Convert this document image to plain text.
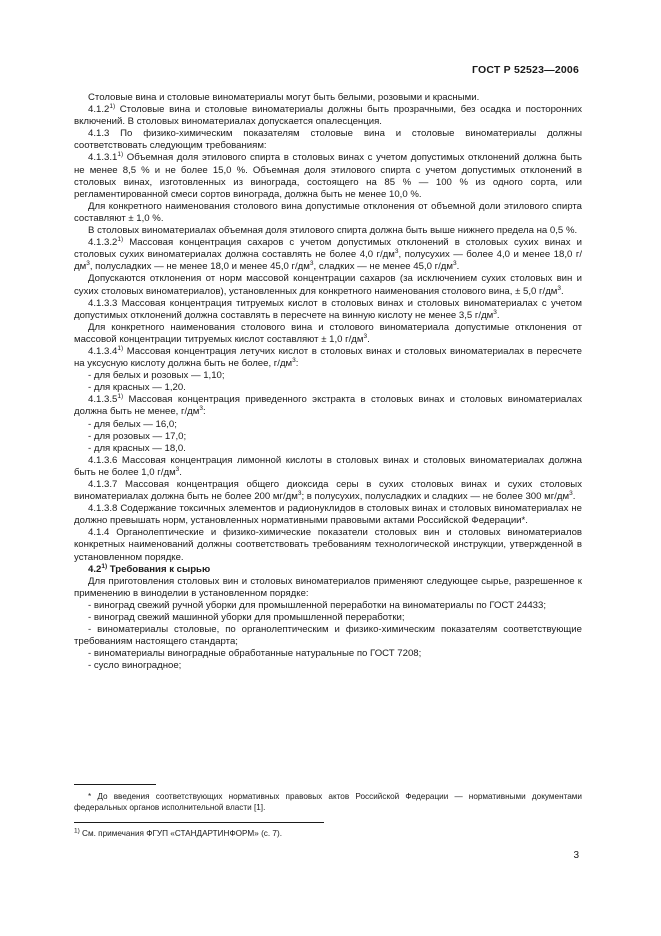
ГОСТ Р 52523—2006

Столовые вина и столовые виноматериалы могут быть белыми, розовыми и красными.

4.1.2$^{1)}$ Столовые вина и столовые виноматериалы должны быть прозрачными, без осадка и посторонних включений. В столовых виноматериалах допускается опалесценция.

4.1.3 По физико-химическим показателям столовые вина и столовые виноматериалы должны соответствовать следующим требованиям:

4.1.3.1$^{1)}$ Объемная доля этилового спирта в столовых винах с учетом допустимых отклонений должна быть не менее 8,5 % и не более 15,0 %. Объемная доля этилового спирта с учетом допустимых отклонений в столовых винах, изготовленных из винограда, состоящего на 85 % — 100 % из одного сорта, или регламентированной смеси сортов винограда, должна быть не менее 10,0 %.

Для конкретного наименования столового вина допустимые отклонения от объемной доли этилового спирта составляют ± 1,0 %.

В столовых виноматериалах объемная доля этилового спирта должна быть выше нижнего предела на 0,5 %.

4.1.3.2$^{1)}$ Массовая концентрация сахаров с учетом допустимых отклонений в столовых сухих винах и столовых сухих виноматериалах должна составлять не более 4,0 $г/дм^3$, полусухих — более 4,0 и менее 18,0 $г/дм^3$, полусладких — не менее 18,0 и менее 45,0 $г/дм^3$, сладких — не менее 45,0 $г/дм^3$.

Допускаются отклонения от норм массовой концентрации сахаров (за исключением сухих столовых вин и сухих столовых виноматериалов), установленных для конкретного наименования столового вина, ± 5,0 $г/дм^3$.

4.1.3.3 Массовая концентрация титруемых кислот в столовых винах и столовых виноматериалах с учетом допустимых отклонений должна составлять в пересчете на винную кислоту не менее 3,5 $г/дм^3$.

Для конкретного наименования столового вина и столового виноматериала допустимые отклонения от массовой концентрации титруемых кислот составляют ± 1,0 $г/дм^3$.

4.1.3.4$^{1)}$ Массовая концентрация летучих кислот в столовых винах и столовых виноматериалах в пересчете на уксусную кислоту должна быть не более, $г/дм^3$:

- для белых и розовых — 1,10;

- для красных — 1,20.

4.1.3.5$^{1)}$ Массовая концентрация приведенного экстракта в столовых винах и столовых виноматериалах должна быть не менее, $г/дм^3$:

- для белых — 16,0;

- для розовых — 17,0;

- для красных — 18,0.

4.1.3.6 Массовая концентрация лимонной кислоты в столовых винах и столовых виноматериалах должна быть не более 1,0 $г/дм^3$.

4.1.3.7 Массовая концентрация общего диоксида серы в сухих столовых винах и сухих столовых виноматериалах должна быть не более 200 $мг/дм^3$; в полусухих, полусладких и сладких — не более 300 $мг/дм^3$.

4.1.3.8 Содержание токсичных элементов и радионуклидов в столовых винах и столовых виноматериалах не должно превышать норм, установленных нормативными правовыми актами Российской Федерации*.

4.1.4 Органолептические и физико-химические показатели столовых вин и столовых виноматериалов конкретных наименований должны соответствовать требованиям технологической инструкции, утвержденной в установленном порядке.

4.2$^{1)}$ Требования к сырью

Для приготовления столовых вин и столовых виноматериалов применяют следующее сырье, разрешенное к применению в виноделии в установленном порядке:

- виноград свежий ручной уборки для промышленной переработки на виноматериалы по ГОСТ 24433;

- виноград свежий машинной уборки для промышленной переработки;

- виноматериалы столовые, по органолептическим и физико-химическим показателям соответствующие требованиям настоящего стандарта;

- виноматериалы виноградные обработанные натуральные по ГОСТ 7208;

- сусло виноградное;

* До введения соответствующих нормативных правовых актов Российской Федерации — нормативными документами федеральных органов исполнительной власти [1].
$^{1)}$ См. примечания ФГУП «СТАНДАРТИНФОРМ» (с. 7).
3
